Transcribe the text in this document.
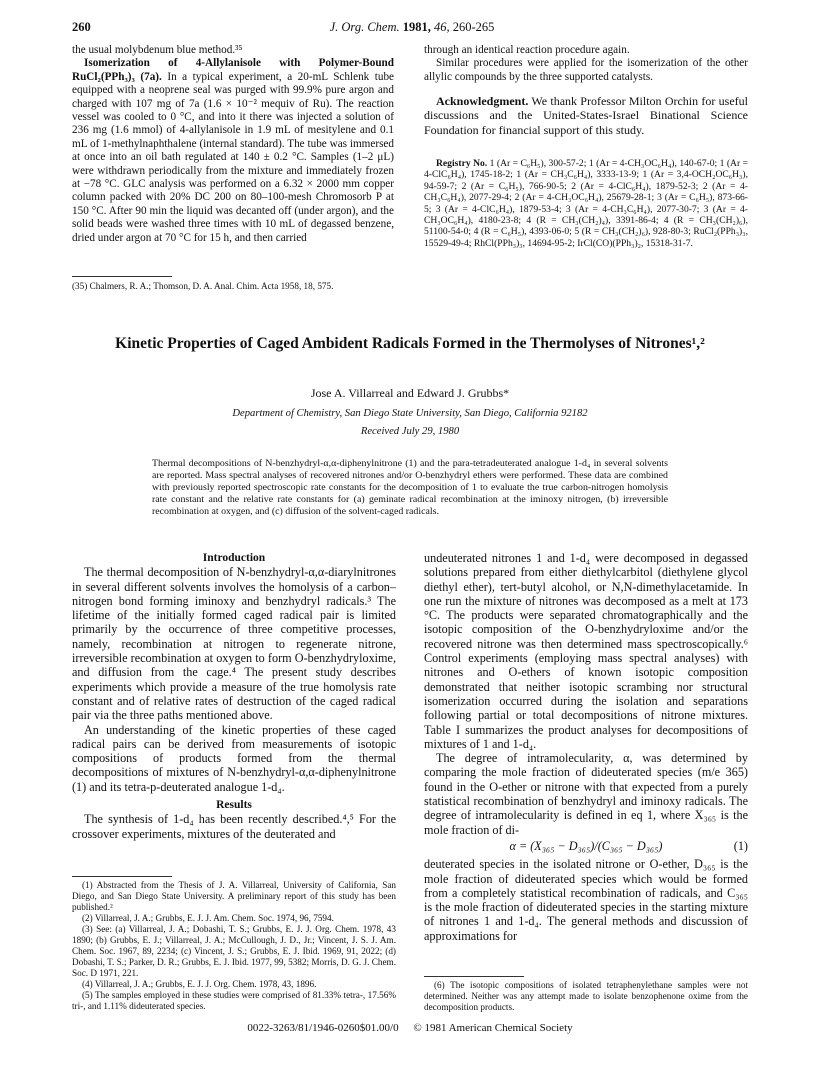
260	J. Org. Chem. 1981, 46, 260-265

the usual molybdenum blue method.³⁵

Isomerization of 4-Allylanisole with Polymer-Bound RuCl₂(PPh₃)₃ (7a). In a typical experiment, a 20-mL Schlenk tube equipped with a neoprene seal was purged with 99.9% pure argon and charged with 107 mg of 7a (1.6 × 10⁻² mequiv of Ru). The reaction vessel was cooled to 0 °C, and into it there was injected a solution of 236 mg (1.6 mmol) of 4-allylanisole in 1.9 mL of mesitylene and 0.1 mL of 1-methylnaphthalene (internal standard). The tube was immersed at once into an oil bath regulated at 140 ± 0.2 °C. Samples (1–2 μL) were withdrawn periodically from the mixture and immediately frozen at −78 °C. GLC analysis was performed on a 6.32 × 2000 mm copper column packed with 20% DC 200 on 80–100-mesh Chromosorb P at 150 °C. After 90 min the liquid was decanted off (under argon), and the solid beads were washed three times with 10 mL of degassed benzene, dried under argon at 70 °C for 15 h, and then carried

(35) Chalmers, R. A.; Thomson, D. A. Anal. Chim. Acta 1958, 18, 575.

through an identical reaction procedure again.

Similar procedures were applied for the isomerization of the other allylic compounds by the three supported catalysts.

Acknowledgment. We thank Professor Milton Orchin for useful discussions and the United-States-Israel Binational Science Foundation for financial support of this study.

Registry No. 1 (Ar = C₆H₅), 300-57-2; 1 (Ar = 4-CH₃OC₆H₄), 140-67-0; 1 (Ar = 4-ClC₆H₄), 1745-18-2; 1 (Ar = CH₃C₆H₄), 3333-13-9; 1 (Ar = 3,4-OCH₂OC₆H₃), 94-59-7; 2 (Ar = C₆H₅), 766-90-5; 2 (Ar = 4-ClC₆H₄), 1879-52-3; 2 (Ar = 4-CH₃C₆H₄), 2077-29-4; 2 (Ar = 4-CH₃OC₆H₄), 25679-28-1; 3 (Ar = C₆H₅), 873-66-5; 3 (Ar = 4-ClC₆H₄), 1879-53-4; 3 (Ar = 4-CH₃C₆H₄), 2077-30-7; 3 (Ar = 4-CH₃OC₆H₄), 4180-23-8; 4 (R = CH₃(CH₂)₄), 3391-86-4; 4 (R = CH₃(CH₂)₆), 51100-54-0; 4 (R = C₆H₅), 4393-06-0; 5 (R = CH₃(CH₂)₆), 928-80-3; RuCl₂(PPh₃)₃, 15529-49-4; RhCl(PPh₃)₃, 14694-95-2; IrCl(CO)(PPh₃)₂, 15318-31-7.
Kinetic Properties of Caged Ambident Radicals Formed in the Thermolyses of Nitrones¹,²
Jose A. Villarreal and Edward J. Grubbs*
Department of Chemistry, San Diego State University, San Diego, California 92182
Received July 29, 1980
Thermal decompositions of N-benzhydryl-α,α-diphenylnitrone (1) and the para-tetradeuterated analogue 1-d₄ in several solvents are reported. Mass spectral analyses of recovered nitrones and/or O-benzhydryl ethers were performed. These data are combined with previously reported spectroscopic rate constants for the decomposition of 1 to evaluate the true carbon-nitrogen homolysis rate constant and the relative rate constants for (a) geminate radical recombination at the iminoxy nitrogen, (b) irreversible recombination at oxygen, and (c) diffusion of the solvent-caged radicals.

Introduction

The thermal decomposition of N-benzhydryl-α,α-diarylnitrones in several different solvents involves the homolysis of a carbon–nitrogen bond forming iminoxy and benzhydryl radicals.³ The lifetime of the initially formed caged radical pair is limited primarily by the occurrence of three competitive processes, namely, recombination at nitrogen to regenerate nitrone, irreversible recombination at oxygen to form O-benzhydryloxime, and diffusion from the cage.⁴ The present study describes experiments which provide a measure of the true homolysis rate constant and of relative rates of destruction of the caged radical pair via the three paths mentioned above.

An understanding of the kinetic properties of these caged radical pairs can be derived from measurements of isotopic compositions of products formed from the thermal decompositions of mixtures of N-benzhydryl-α,α-diphenylnitrone (1) and its tetra-p-deuterated analogue 1-d₄.

Results

The synthesis of 1-d₄ has been recently described.⁴,⁵ For the crossover experiments, mixtures of the deuterated and

(1) Abstracted from the Thesis of J. A. Villarreal, University of California, San Diego, and San Diego State University. A preliminary report of this study has been published.²

(2) Villarreal, J. A.; Grubbs, E. J. J. Am. Chem. Soc. 1974, 96, 7594.

(3) See: (a) Villarreal, J. A.; Dobashi, T. S.; Grubbs, E. J. J. Org. Chem. 1978, 43 1890; (b) Grubbs, E. J.; Villarreal, J. A.; McCullough, J. D., Jr.; Vincent, J. S. J. Am. Chem. Soc. 1967, 89, 2234; (c) Vincent, J. S.; Grubbs, E. J. Ibid. 1969, 91, 2022; (d) Dobashi, T. S.; Parker, D. R.; Grubbs, E. J. Ibid. 1977, 99, 5382; Morris, D. G. J. Chem. Soc. D 1971, 221.

(4) Villarreal, J. A.; Grubbs, E. J. J. Org. Chem. 1978, 43, 1896.

(5) The samples employed in these studies were comprised of 81.33% tetra-, 17.56% tri-, and 1.11% dideuterated species.

undeuterated nitrones 1 and 1-d₄ were decomposed in degassed solutions prepared from either diethylcarbitol (diethylene glycol diethyl ether), tert-butyl alcohol, or N,N-dimethylacetamide. In one run the mixture of nitrones was decomposed as a melt at 173 °C. The products were separated chromatographically and the isotopic composition of the O-benzhydryloxime and/or the recovered nitrone was then determined mass spectroscopically.⁶ Control experiments (employing mass spectral analyses) with nitrones and O-ethers of known isotopic composition demonstrated that neither isotopic scrambing nor structural isomerization occurred during the isolation and separations following partial or total decompositions of nitrone mixtures. Table I summarizes the product analyses for decompositions of mixtures of 1 and 1-d₄.

The degree of intramolecularity, α, was determined by comparing the mole fraction of dideuterated species (m/e 365) found in the O-ether or nitrone with that expected from a purely statistical recombination of benzhydryl and iminoxy radicals. The degree of intramolecularity is defined in eq 1, where X₃₆₅ is the mole fraction of di-

α = (X₃₆₅ − D₃₆₅)/(C₃₆₅ − D₃₆₅)	(1)

deuterated species in the isolated nitrone or O-ether, D₃₆₅ is the mole fraction of dideuterated species which would be formed from a completely statistical recombination of radicals, and C₃₆₅ is the mole fraction of dideuterated species in the starting mixture of nitrones 1 and 1-d₄. The general methods and discussion of approximations for

(6) The isotopic compositions of isolated tetraphenylethane samples were not determined. Neither was any attempt made to isolate benzophenone oxime from the decomposition products.

0022-3263/81/1946-0260$01.00/0 © 1981 American Chemical Society
